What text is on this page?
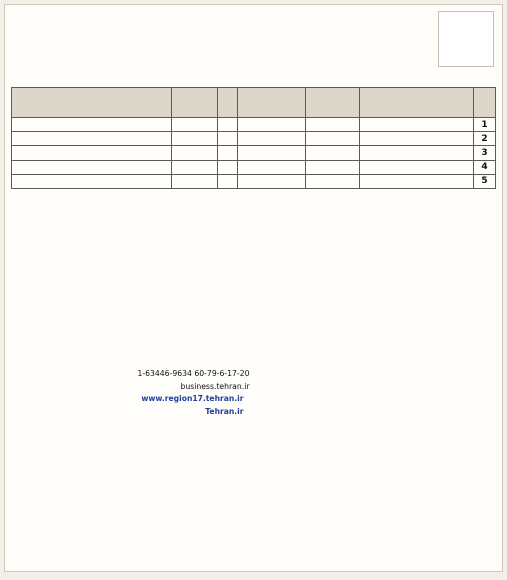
1						
2						
3						
4						
5						
1-63446-9634 60-79-6-17-20
business.tehran.ir
www.region17.tehran.ir
Tehran.ir
